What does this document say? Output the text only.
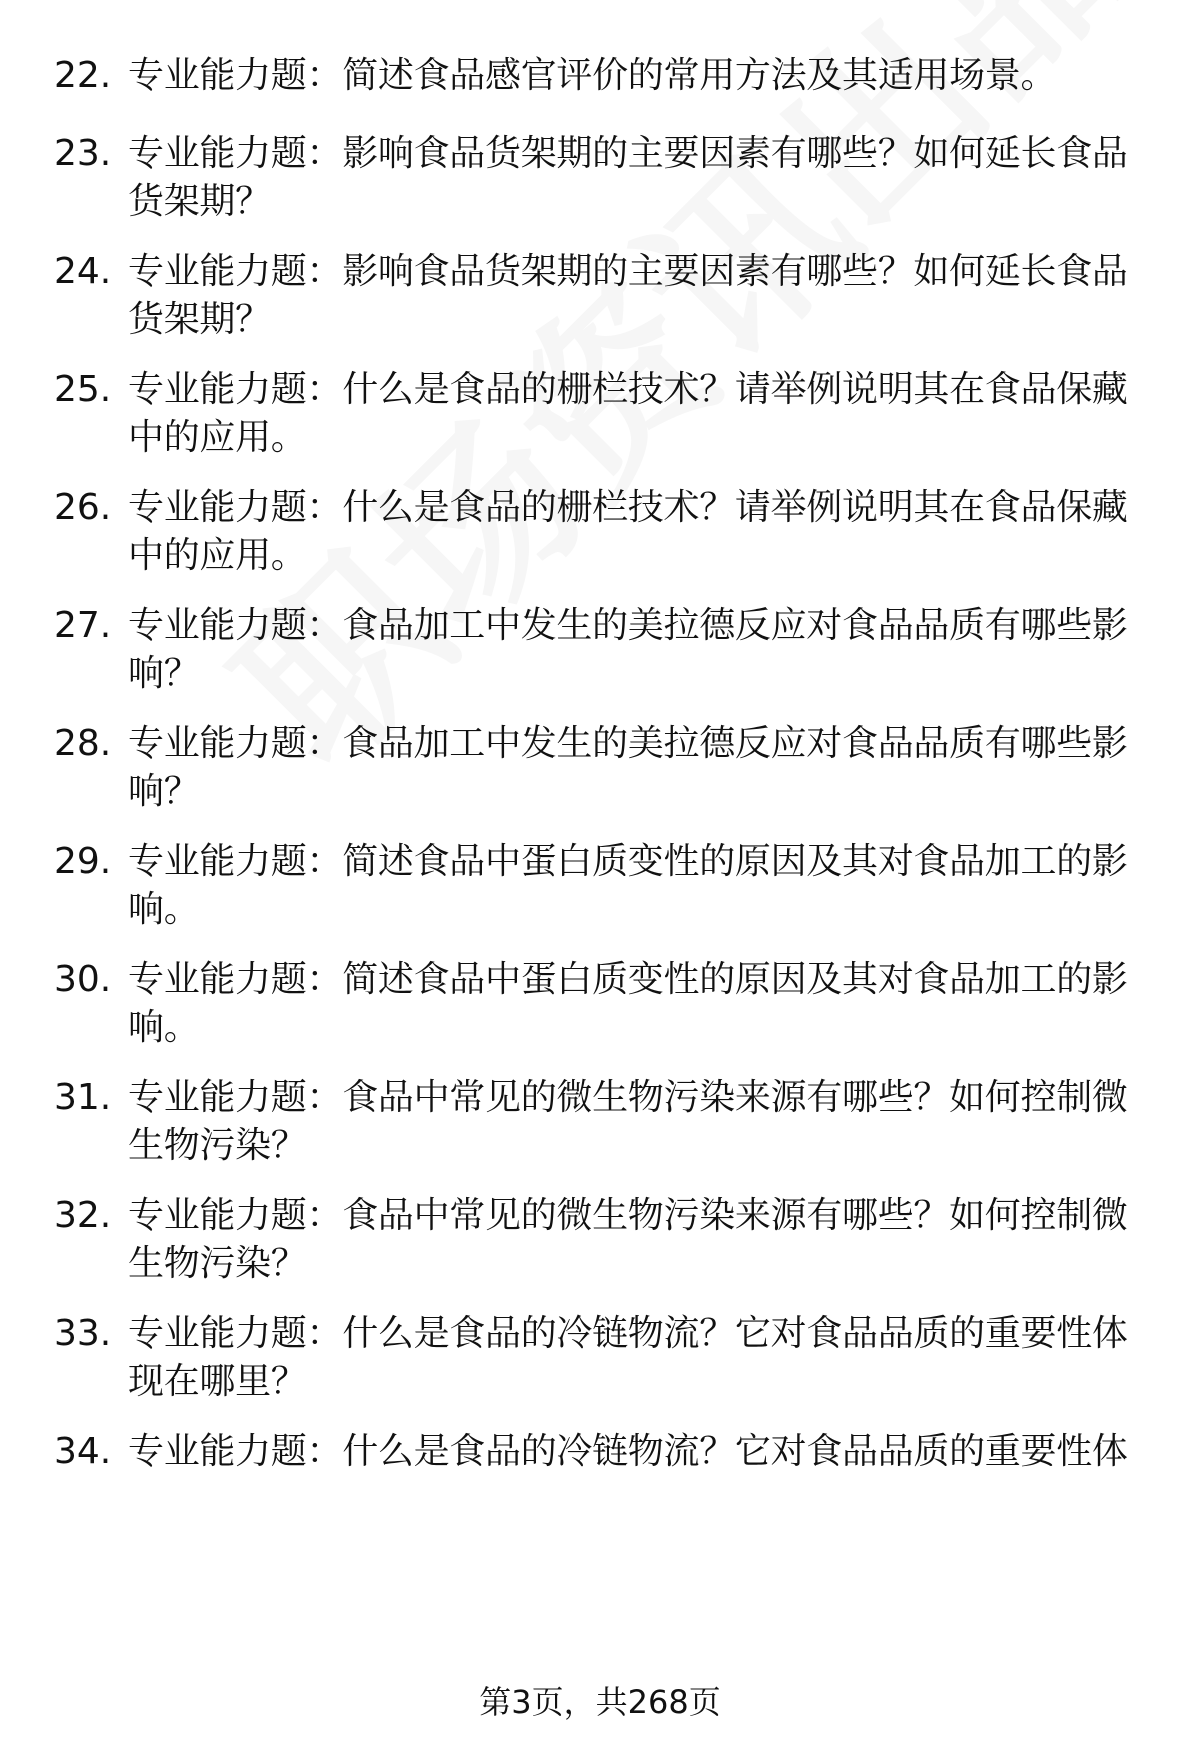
22. 专业能力题：简述食品感官评价的常用方法及其适用场景。
23. 专业能力题：影响食品货架期的主要因素有哪些？如何延长食品
货架期？
24. 专业能力题：影响食品货架期的主要因素有哪些？如何延长食品
货架期？
25. 专业能力题：什么是食品的栅栏技术？请举例说明其在食品保藏
中的应用。
26. 专业能力题：什么是食品的栅栏技术？请举例说明其在食品保藏
中的应用。
27. 专业能力题：食品加工中发生的美拉德反应对食品品质有哪些影
响？
28. 专业能力题：食品加工中发生的美拉德反应对食品品质有哪些影
响？
29. 专业能力题：简述食品中蛋白质变性的原因及其对食品加工的影
响。
30. 专业能力题：简述食品中蛋白质变性的原因及其对食品加工的影
响。
31. 专业能力题：食品中常见的微生物污染来源有哪些？如何控制微
生物污染？
32. 专业能力题：食品中常见的微生物污染来源有哪些？如何控制微
生物污染？
33. 专业能力题：什么是食品的冷链物流？它对食品品质的重要性体
现在哪里？
34. 专业能力题：什么是食品的冷链物流？它对食品品质的重要性体
第3页，共268页
